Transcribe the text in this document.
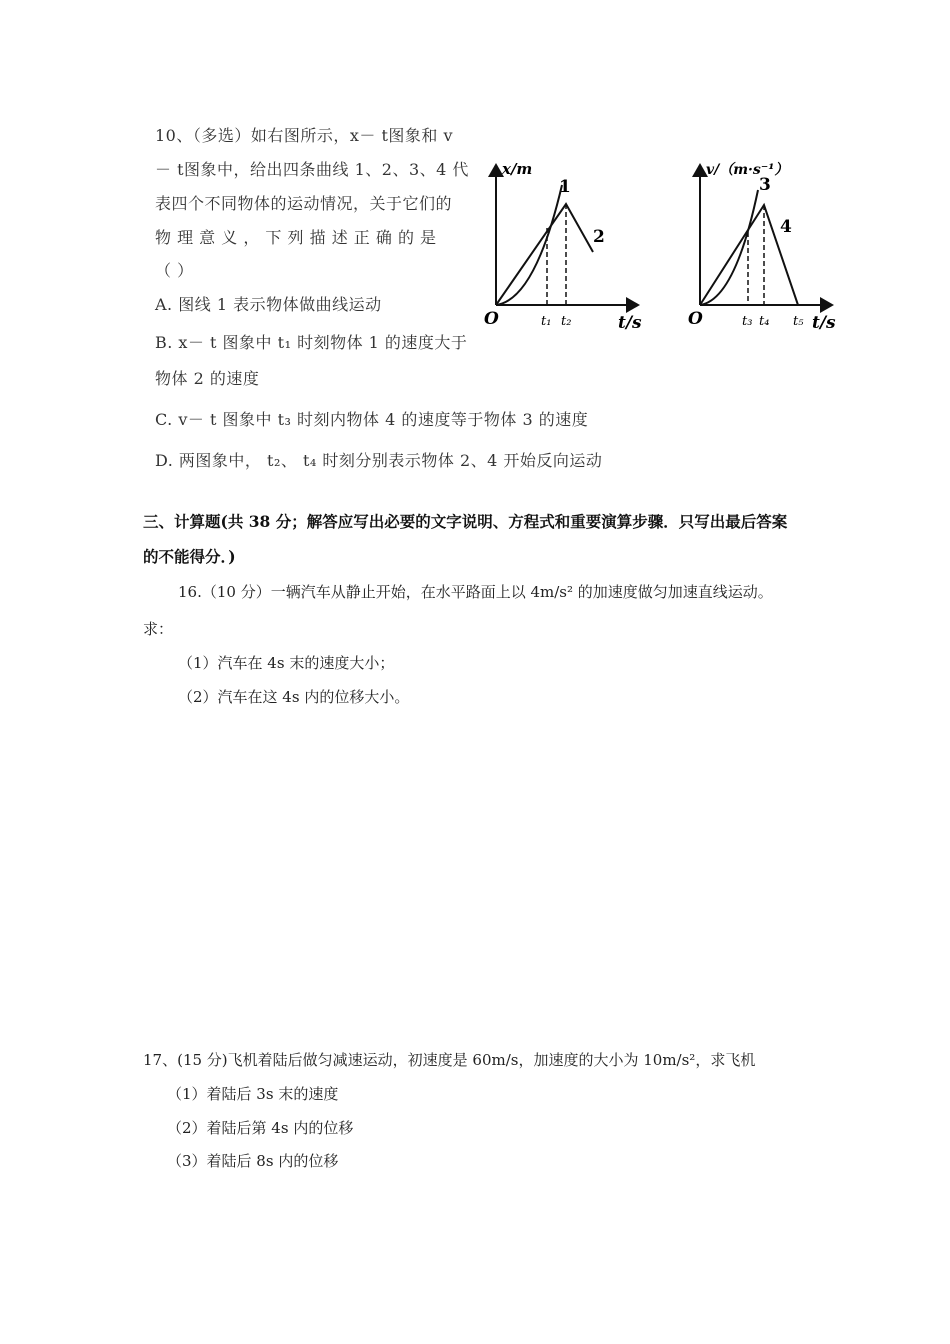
10、（多选）如右图所示，x－ t图象和 v
－ t图象中，给出四条曲线 1、2、3、4 代
表四个不同物体的运动情况，关于它们的
物 理 意 义 ， 下 列 描 述 正 确 的 是
（ ）
A. 图线 1 表示物体做曲线运动
B. x－ t 图象中 t₁ 时刻物体 1 的速度大于
物体 2 的速度
C. v－ t 图象中 t₃ 时刻内物体 4 的速度等于物体 3 的速度
D. 两图象中， t₂、 t₄ 时刻分别表示物体 2、4 开始反向运动
x/m
O	t/s
t₁ t₂
1
2
v/（m·s⁻¹）
O	t/s
t₃ t₄ t₅
3
4
三、计算题(共 38 分；解答应写出必要的文字说明、方程式和重要演算步骤．只写出最后答案
的不能得分．)
16.（10 分）一辆汽车从静止开始，在水平路面上以 4m/s² 的加速度做匀加速直线运动。
求：
（1）汽车在 4s 末的速度大小；
（2）汽车在这 4s 内的位移大小。
17、(15 分)飞机着陆后做匀减速运动，初速度是 60m/s，加速度的大小为 10m/s²，求飞机
（1）着陆后 3s 末的速度
（2）着陆后第 4s 内的位移
（3）着陆后 8s 内的位移
